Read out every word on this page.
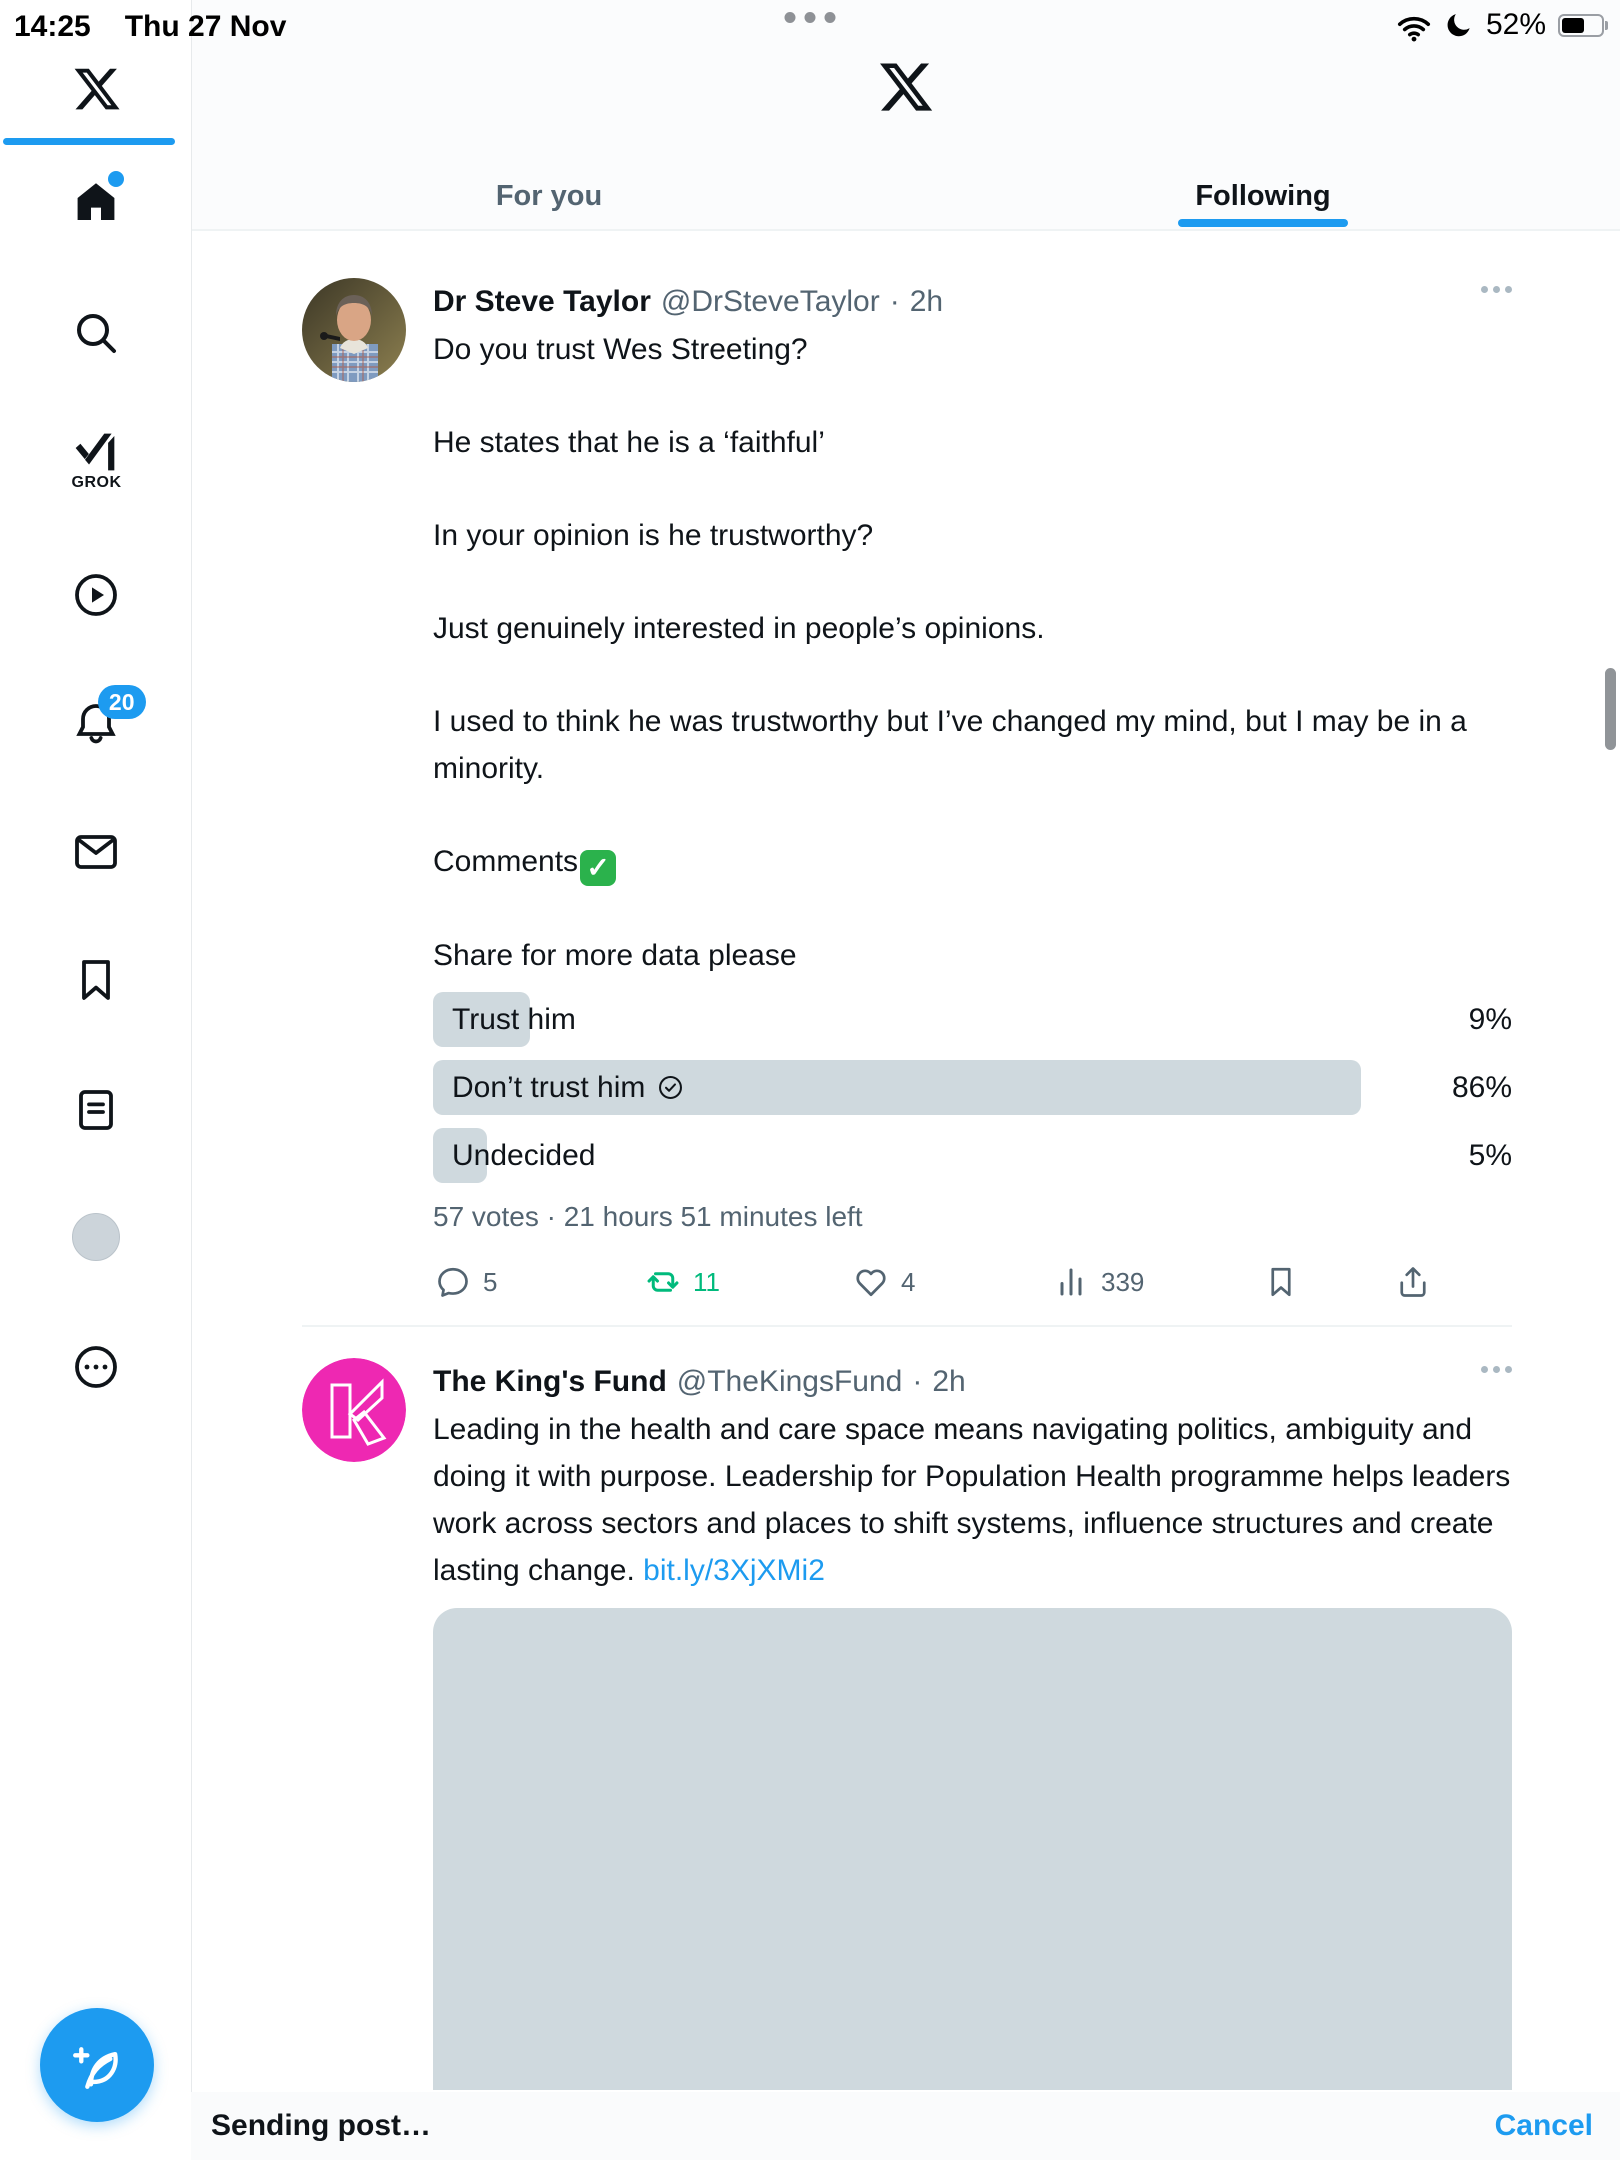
14:25 Thu 27 Nov	52%
GROK
20
For you	Following
Dr Steve Taylor @DrSteveTaylor · 2h

Do you trust Wes Streeting?

He states that he is a ‘faithful’

In your opinion is he trustworthy?

Just genuinely interested in people’s opinions.

I used to think he was trustworthy but I’ve changed my mind, but I may be in a minority.

Comments ✓

Share for more data please

Trust him	9%
Don’t trust him	86%
Undecided	5%
57 votes · 21 hours 51 minutes left
5	11	4	339
The King's Fund @TheKingsFund · 2h
Leading in the health and care space means navigating politics, ambiguity and doing it with purpose. Leadership for Population Health programme helps leaders work across sectors and places to shift systems, influence structures and create lasting change. bit.ly/3XjXMi2
Sending post…	Cancel
